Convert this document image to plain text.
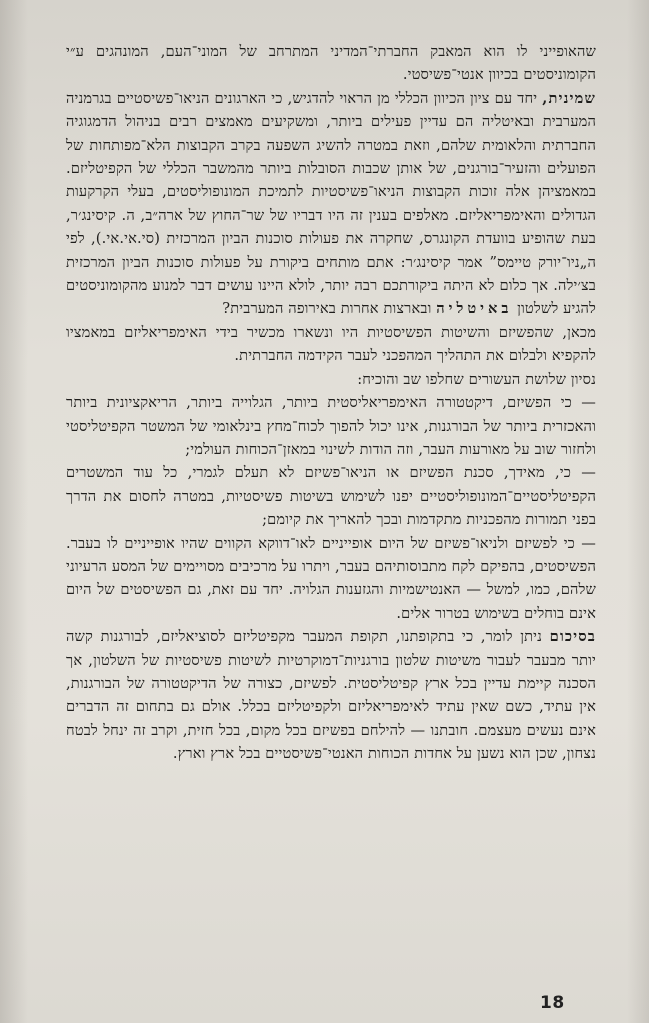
שהאופייני לו הוא המאבק החברתי־המדיני המתרחב של המוני־העם, המונהגים ע״י הקומוניסטים בכיוון אנטי־פשיסטי.

שמינית, יחד עם ציון הכיוון הכללי מן הראוי להדגיש, כי הארגונים הניאו־פשיסטיים בגרמניה המערבית ובאיטליה הם עדיין פעילים ביותר, ומשקיעים מאמצים רבים בניהול הדמגוגיה החברתית והלאומית שלהם, וזאת במטרה להשיג השפעה בקרב הקבוצות הלא־מפותחות של הפועלים והזעיר־בורגנים, של אותן שכבות הסובלות ביותר מהמשבר הכללי של הקפיטליזם. במאמציהן אלה זוכות הקבוצות הניאו־פשיסטיות לתמיכת המונופוליסטים, בעלי הקרקעות הגדולים והאימפריאליזם. מאלפים בענין זה היו דבריו של שר־החוץ של ארה״ב, ה. קיסינג׳ר, בעת שהופיע בוועדת הקונגרס, שחקרה את פעולות סוכנות הביון המרכזית (סי.אי.אי.), לפי ה„ניו־יורק טיימס” אמר קיסינג׳ר: אתם מותחים ביקורת על פעולות סוכנות הביון המרכזית בצ׳ילה. אך כלום לא היתה ביקורתכם רבה יותר, לולא היינו עושים דבר למנוע מהקומוניסטים להגיע לשלטון באיטליה ובארצות אחרות באירופה המערבית?

מכאן, שהפשיזם והשיטות הפשיסטיות היו ונשארו מכשיר בידי האימפריאליזם במאמציו להקפיא ולבלום את התהליך המהפכני לעבר הקידמה החברתית.

נסיון שלושת העשורים שחלפו שב והוכיח:

— כי הפשיזם, דיקטטורה האימפריאליסטית ביותר, הגלוייה ביותר, הריאקציונית ביותר והאכזרית ביותר של הבורגנות, אינו יכול להפוך לכוח־מחץ בינלאומי של המשטר הקפיטליסטי ולחזור שוב על מאורעות העבר, וזה הודות לשינוי במאזן־הכוחות העולמי;

— כי, מאידך, סכנת הפשיזם או הניאו־פשיזם לא תעלם לגמרי, כל עוד המשטרים הקפיטליסטיים־המונופוליסטיים יפנו לשימוש בשיטות פשיסטיות, במטרה לחסום את הדרך בפני תמורות מהפכניות מתקדמות ובכך להאריך את קיומם;

— כי לפשיזם ולניאו־פשיזם של היום אופייניים לאו־דווקא הקווים שהיו אופייניים לו בעבר. הפשיסטים, בהפיקם לקח מתבוסותיהם בעבר, ויתרו על מרכיבים מסויימים של המסע הרעיוני שלהם, כמו, למשל — האנטישמיות והגזענות הגלויה. יחד עם זאת, גם הפשיסטים של היום אינם בוחלים בשימוש בטרור אלים.

בסיכום ניתן לומר, כי בתקופתנו, תקופת המעבר מקפיטליזם לסוציאליזם, לבורגנות קשה יותר מבעבר לעבור משיטות שלטון בורגניות־דמוקרטיות לשיטות פשיסטיות של השלטון, אך הסכנה קיימת עדיין בכל ארץ קפיטליסטית. לפשיזם, כצורה של הדיקטטורה של הבורגנות, אין עתיד, כשם שאין עתיד לאימפריאליזם ולקפיטליזם בכלל. אולם גם בתחום זה הדברים אינם נעשים מעצמם. חובתנו — להילחם בפשיזם בכל מקום, בכל חזית, וקרב זה ינחל לבטח נצחון, שכן הוא נשען על אחדות הכוחות האנטי־פשיסטיים בכל ארץ וארץ.

18
